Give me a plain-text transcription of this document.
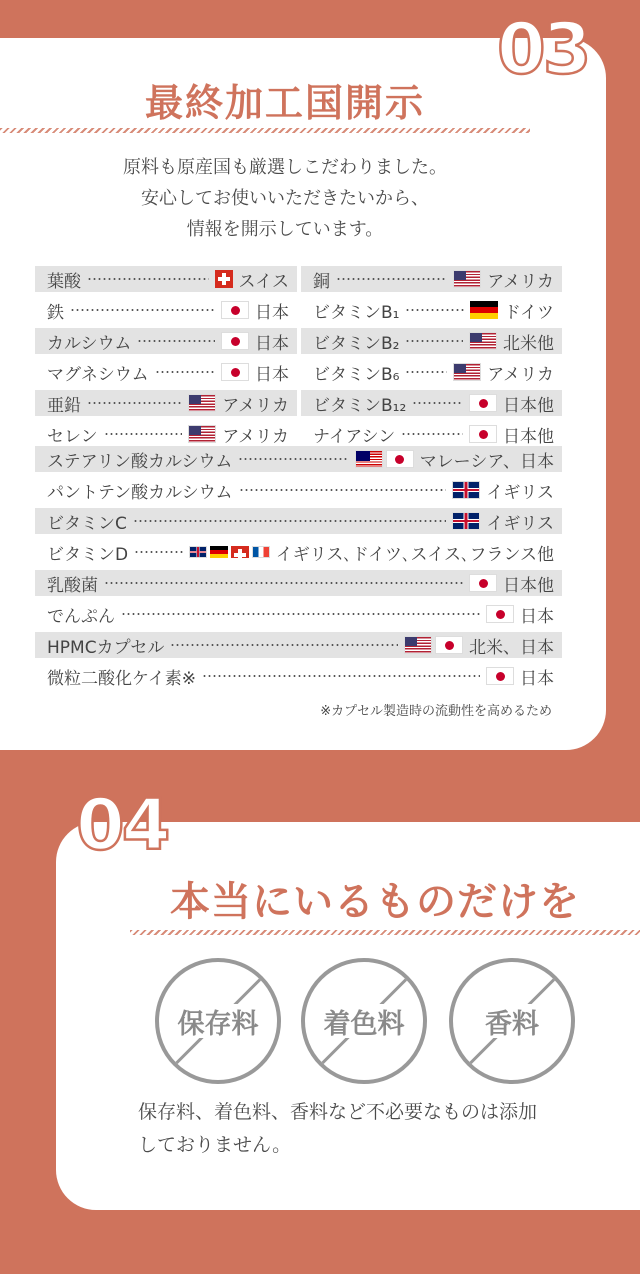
03
最終加工国開示
原料も原産国も厳選しこだわりました。
安心してお使いいただきたいから、
情報を開示しています。
葉酸	スイス
鉄	日本
カルシウム	日本
マグネシウム	日本
亜鉛	アメリカ
セレン	アメリカ
銅	アメリカ
ビタミンB₁	ドイツ
ビタミンB₂	北米他
ビタミンB₆	アメリカ
ビタミンB₁₂	日本他
ナイアシン	日本他
ステアリン酸カルシウム	マレーシア、日本
パントテン酸カルシウム	イギリス
ビタミンC	イギリス
ビタミンD	イギリス､ドイツ､スイス､フランス他
乳酸菌	日本他
でんぷん	日本
HPMCカプセル	北米、日本
微粒二酸化ケイ素※	日本
※カプセル製造時の流動性を高めるため
04
本当にいるものだけを
保存料	着色料	香料
保存料、着色料、香料など不必要なものは添加
しておりません。
